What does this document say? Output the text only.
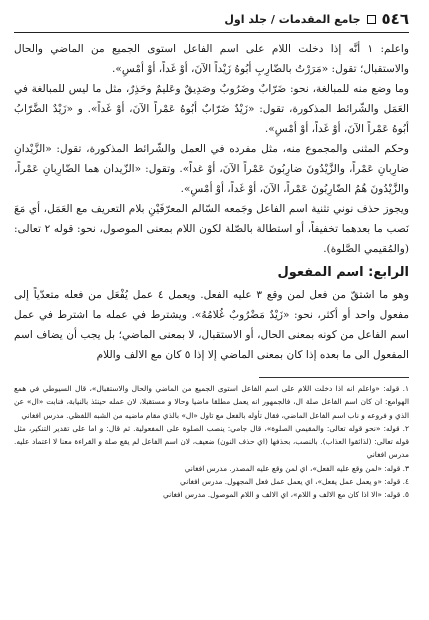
٥٤٦
جامع المقدمات / جلد اول

واعلم: ١ أنَّه إذا دخلت اللام على اسم الفاعل استوى الجميع من الماضي والحال والاستقبال؛ تقول: «مَرَرْتُ بالضّارِبِ أبُوهُ زَيْداً الآنَ، أوْ غَداً، أوْ أمْسِ».

وما وضع منه للمبالغة، نحو: ضَرّابٌ وضَرُوبٌ وصَدِيقٌ وعَليمٌ وحَذِرٌ، مثل ما ليس للمبالغة في العَمَل والشّرائط المذكورة، تقول: «زَيْدٌ ضَرّابٌ أبُوهُ عَمْراً الآنَ، أوْ غَداً». و «زَيْدٌ الضَّرّابُ أبُوهُ عَمْراً الآنَ، أوْ غَداً، أوْ أمْسِ».

وحكم المثنى والمجموع منه، مثل مفرده في العمل والشّرائط المذكورة، تقول: «الزَّيْدانِ ضارِبانِ عَمْراً، والزَّيْدُونَ ضارِبُونَ عَمْراً الآنَ، أوْ غداً». وتقول: «الزّيدان هما الضّارِبانِ عَمْراً، والزَّيْدُونَ هُمُ الضّارِبُونَ عَمْراً، الآنَ، أوْ غَداً، أوْ أمْسِ».

ويجوز حذف نوني تثنية اسم الفاعل وجَمعه السّالم المعرّفَيْنِ بلام التعريف مع العَمَل، أي مَعَ نَصب ما بعدهما تخفيفاً، أو استطالة بالصّلة لكون اللام بمعنى الموصول، نحو: قوله ٢ تعالى: (والمُقيمي الصَّلوة).

الرابع: اسم المفعول

وهو ما اشتقّ من فعل لمن وقع ٣ عليه الفعل. ويعمل ٤ عمل يُفْعَل من فعله متعدّياً إلى مفعول واحد أو أكثر، نحو: «زَيْدٌ مَضْرُوبٌ غُلامُهُ». ويشترط في عمله ما اشترط في عمل اسم الفاعل من كونه بمعنى الحال، أو الاستقبال، لا بمعنى الماضي؛ بل يجب أن يضاف اسم المفعول الى ما بعده إذا كان بمعنى الماضي إلا إذا ٥ كان مع الالف واللام

١. قوله: «واعلم انه اذا دخلت اللام على اسم الفاعل استوى الجميع من الماضي والحال والاستقبال»، قال السيوطي في همع الهوامع: ان كان اسم الفاعل صلة ال، فالجمهور انه يعمل مطلقا ماضيا وحالا و مستقبلا، لان عمله حينئذ بالنيابة، فنابت «ال» عن الذي و فروعه و ناب اسم الفاعل الماضي، فقال تأوله بالفعل مع تاول «ال» بالذي مقام ماضيه من الشبه اللفظي. مدرس افغاني

٢. قوله: «نحو قوله تعالى: والمقيمي الصلوة»، قال جامي: ينصب الصلوة على المفعولية. ثم قال: و اما على تقدير التنكير، مثل قوله تعالى: (لذائقوا العذاب). بالنصب، بحذفها (اي حذف النون) ضعيف، لان اسم الفاعل لم يقع صلة و القراءة معنا لا اعتماد عليه. مدرس افغاني

٣. قوله: «لمن وقع عليه الفعل»، اي لمن وقع عليه المصدر. مدرس افغاني

٤. قوله: «و يعمل عمل يفعل»، اي يعمل عمل فعل المجهول. مدرس افغاني

٥. قوله: «الا اذا كان مع الالف و اللام»، اي الالف و اللام الموصول. مدرس افغاني
